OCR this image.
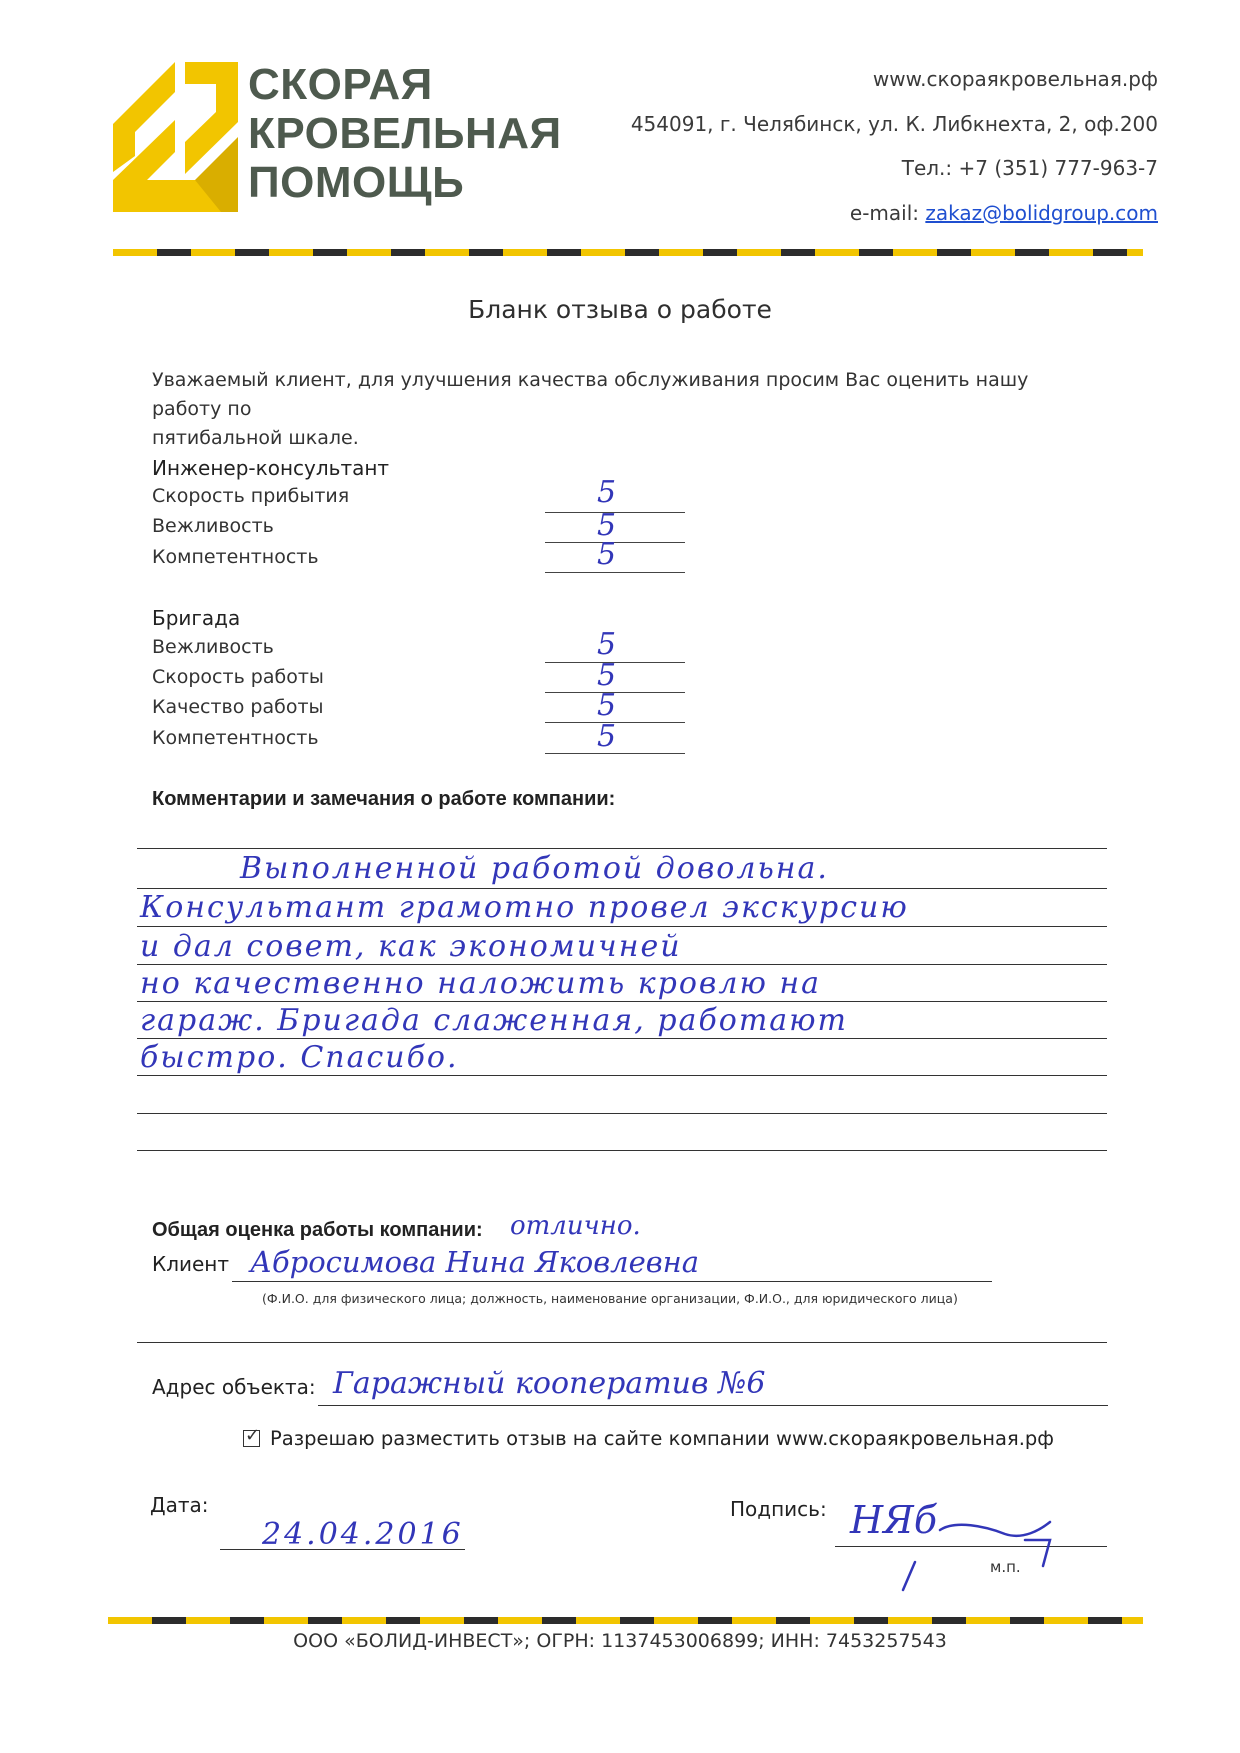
СКОРАЯ
КРОВЕЛЬНАЯ
ПОМОЩЬ
www.скораякровельная.рф
454091, г. Челябинск, ул. К. Либкнехта, 2, оф.200
Тел.: +7 (351) 777-963-7
e-mail: zakaz@bolidgroup.com
Бланк отзыва о работе
Уважаемый клиент, для улучшения качества обслуживания просим Вас оценить нашу работу по
пятибальной шкале.
Инженер-консультант
Скорость прибытия	5
Вежливость	5
Компетентность	5
Бригада
Вежливость	5
Скорость работы	5
Качество работы	5
Компетентность	5
Комментарии и замечания о работе компании:
Выполненной работой довольна.
Консультант грамотно провел экскурсию
и дал совет, как экономичней
но качественно наложить кровлю на
гараж. Бригада слаженная, работают
быстро. Спасибо.
Общая оценка работы компании: отлично.
Клиент Абросимова Нина Яковлевна
(Ф.И.О. для физического лица; должность, наименование организации, Ф.И.О., для юридического лица)
Адрес объекта: Гаражный кооператив №6
✓ Разрешаю разместить отзыв на сайте компании www.скораякровельная.рф
Дата:
24.04.2016
Подпись: НЯб
м.п.
ООО «БОЛИД-ИНВЕСТ»; ОГРН: 1137453006899; ИНН: 7453257543
